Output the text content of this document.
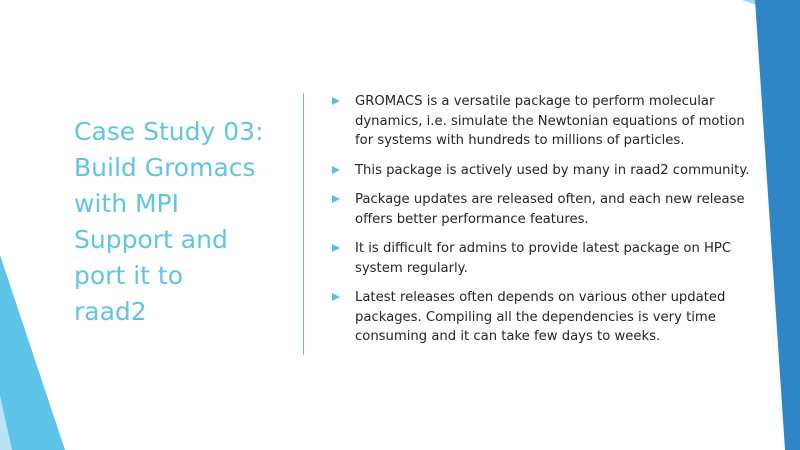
Case Study 03:
Build Gromacs
with MPI
Support and
port it to
raad2
GROMACS is a versatile package to perform molecular dynamics, i.e. simulate the Newtonian equations of motion for systems with hundreds to millions of particles.
This package is actively used by many in raad2 community.
Package updates are released often, and each new release offers better performance features.
It is difficult for admins to provide latest package on HPC system regularly.
Latest releases often depends on various other updated packages. Compiling all the dependencies is very time consuming and it can take few days to weeks.
